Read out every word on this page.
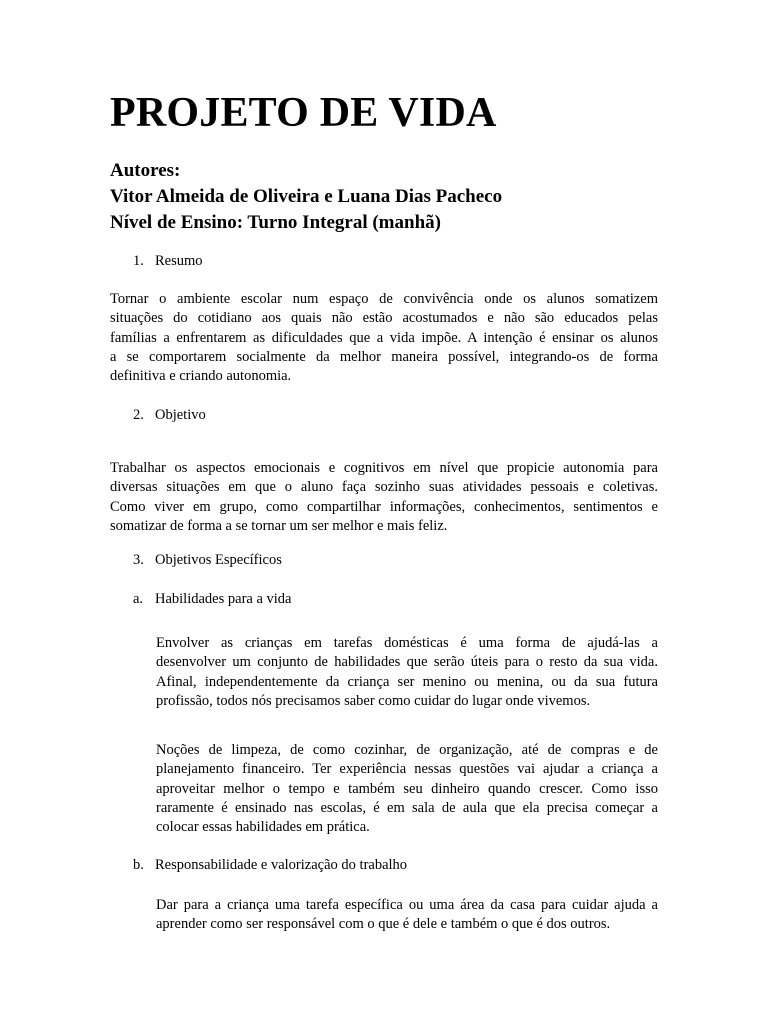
PROJETO DE VIDA
Autores:
Vitor Almeida de Oliveira e Luana Dias Pacheco
Nível de Ensino: Turno Integral (manhã)
1. Resumo
Tornar o ambiente escolar num espaço de convivência onde os alunos somatizem
situações do cotidiano aos quais não estão acostumados e não são educados pelas
famílias a enfrentarem as dificuldades que a vida impõe. A intenção é ensinar os alunos
a se comportarem socialmente da melhor maneira possível, integrando-os de forma
definitiva e criando autonomia.
2. Objetivo
Trabalhar os aspectos emocionais e cognitivos em nível que propicie autonomia para
diversas situações em que o aluno faça sozinho suas atividades pessoais e coletivas.
Como viver em grupo, como compartilhar informações, conhecimentos, sentimentos e
somatizar de forma a se tornar um ser melhor e mais feliz.
3. Objetivos Específicos
a. Habilidades para a vida
Envolver as crianças em tarefas domésticas é uma forma de ajudá-las a
desenvolver um conjunto de habilidades que serão úteis para o resto da sua vida.
Afinal, independentemente da criança ser menino ou menina, ou da sua futura
profissão, todos nós precisamos saber como cuidar do lugar onde vivemos.
Noções de limpeza, de como cozinhar, de organização, até de compras e de
planejamento financeiro. Ter experiência nessas questões vai ajudar a criança a
aproveitar melhor o tempo e também seu dinheiro quando crescer. Como isso
raramente é ensinado nas escolas, é em sala de aula que ela precisa começar a
colocar essas habilidades em prática.
b. Responsabilidade e valorização do trabalho
Dar para a criança uma tarefa específica ou uma área da casa para cuidar ajuda a
aprender como ser responsável com o que é dele e também o que é dos outros.
